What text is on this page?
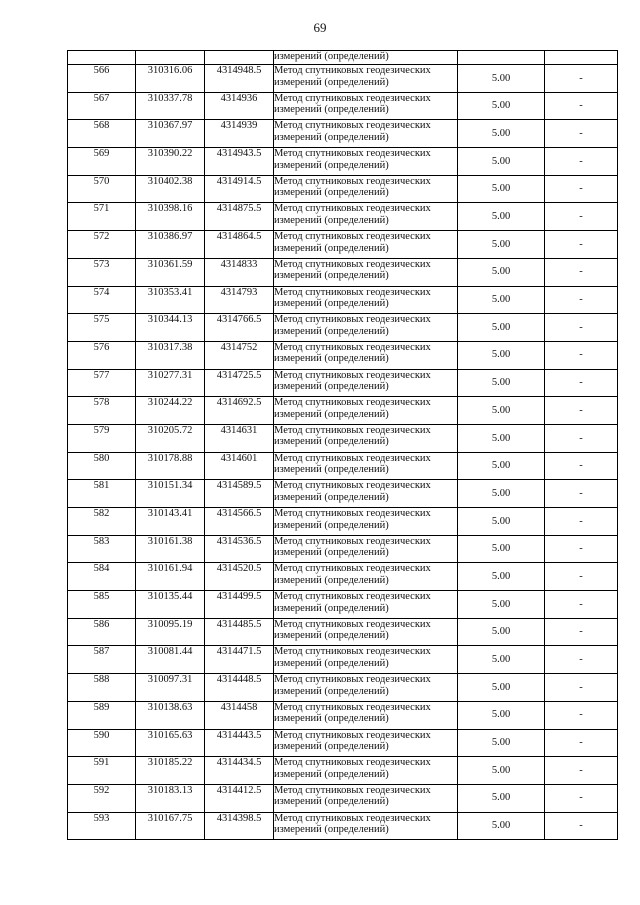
69
			измерений (определений)		
566	310316.06	4314948.5	Метод спутниковых геодезических
измерений (определений)	5.00	-
567	310337.78	4314936	Метод спутниковых геодезических
измерений (определений)	5.00	-
568	310367.97	4314939	Метод спутниковых геодезических
измерений (определений)	5.00	-
569	310390.22	4314943.5	Метод спутниковых геодезических
измерений (определений)	5.00	-
570	310402.38	4314914.5	Метод спутниковых геодезических
измерений (определений)	5.00	-
571	310398.16	4314875.5	Метод спутниковых геодезических
измерений (определений)	5.00	-
572	310386.97	4314864.5	Метод спутниковых геодезических
измерений (определений)	5.00	-
573	310361.59	4314833	Метод спутниковых геодезических
измерений (определений)	5.00	-
574	310353.41	4314793	Метод спутниковых геодезических
измерений (определений)	5.00	-
575	310344.13	4314766.5	Метод спутниковых геодезических
измерений (определений)	5.00	-
576	310317.38	4314752	Метод спутниковых геодезических
измерений (определений)	5.00	-
577	310277.31	4314725.5	Метод спутниковых геодезических
измерений (определений)	5.00	-
578	310244.22	4314692.5	Метод спутниковых геодезических
измерений (определений)	5.00	-
579	310205.72	4314631	Метод спутниковых геодезических
измерений (определений)	5.00	-
580	310178.88	4314601	Метод спутниковых геодезических
измерений (определений)	5.00	-
581	310151.34	4314589.5	Метод спутниковых геодезических
измерений (определений)	5.00	-
582	310143.41	4314566.5	Метод спутниковых геодезических
измерений (определений)	5.00	-
583	310161.38	4314536.5	Метод спутниковых геодезических
измерений (определений)	5.00	-
584	310161.94	4314520.5	Метод спутниковых геодезических
измерений (определений)	5.00	-
585	310135.44	4314499.5	Метод спутниковых геодезических
измерений (определений)	5.00	-
586	310095.19	4314485.5	Метод спутниковых геодезических
измерений (определений)	5.00	-
587	310081.44	4314471.5	Метод спутниковых геодезических
измерений (определений)	5.00	-
588	310097.31	4314448.5	Метод спутниковых геодезических
измерений (определений)	5.00	-
589	310138.63	4314458	Метод спутниковых геодезических
измерений (определений)	5.00	-
590	310165.63	4314443.5	Метод спутниковых геодезических
измерений (определений)	5.00	-
591	310185.22	4314434.5	Метод спутниковых геодезических
измерений (определений)	5.00	-
592	310183.13	4314412.5	Метод спутниковых геодезических
измерений (определений)	5.00	-
593	310167.75	4314398.5	Метод спутниковых геодезических
измерений (определений)	5.00	-
